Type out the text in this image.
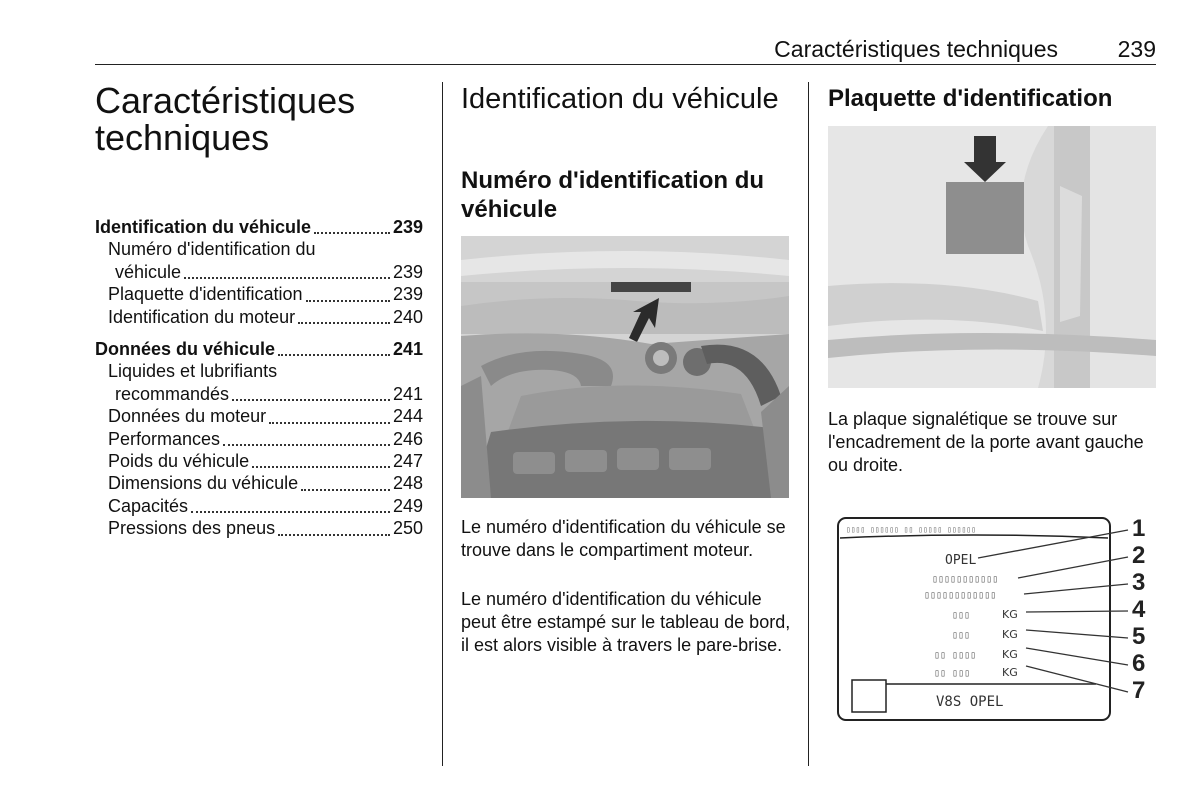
Caractéristiques techniques	239
Caractéristiques techniques
Identification du véhicule	239
Numéro d'identification du
véhicule	239
Plaquette d'identification	239
Identification du moteur	240
Données du véhicule	241
Liquides et lubrifiants
recommandés	241
Données du moteur	244
Performances	246
Poids du véhicule	247
Dimensions du véhicule	248
Capacités	249
Pressions des pneus	250
Identification du véhicule
Numéro d'identification du véhicule

Le numéro d'identification du véhicule se trouve dans le compartiment moteur.

Le numéro d'identification du véhicule peut être estampé sur le tableau de bord, il est alors visible à travers le pare-brise.

Plaquette d'identification

La plaque signalétique se trouve sur l'encadrement de la porte avant gauche ou droite.

▯▯▯▯ ▯▯▯▯▯▯ ▯▯ ▯▯▯▯▯ ▯▯▯▯▯▯
OPEL
▯▯▯▯▯▯▯▯▯▯▯
▯▯▯▯▯▯▯▯▯▯▯▯
▯▯▯
▯▯▯
▯▯ ▯▯▯▯
▯▯ ▯▯▯
KG
KG
KG
KG
V8S OPEL
1
2
3
4
5
6
7
